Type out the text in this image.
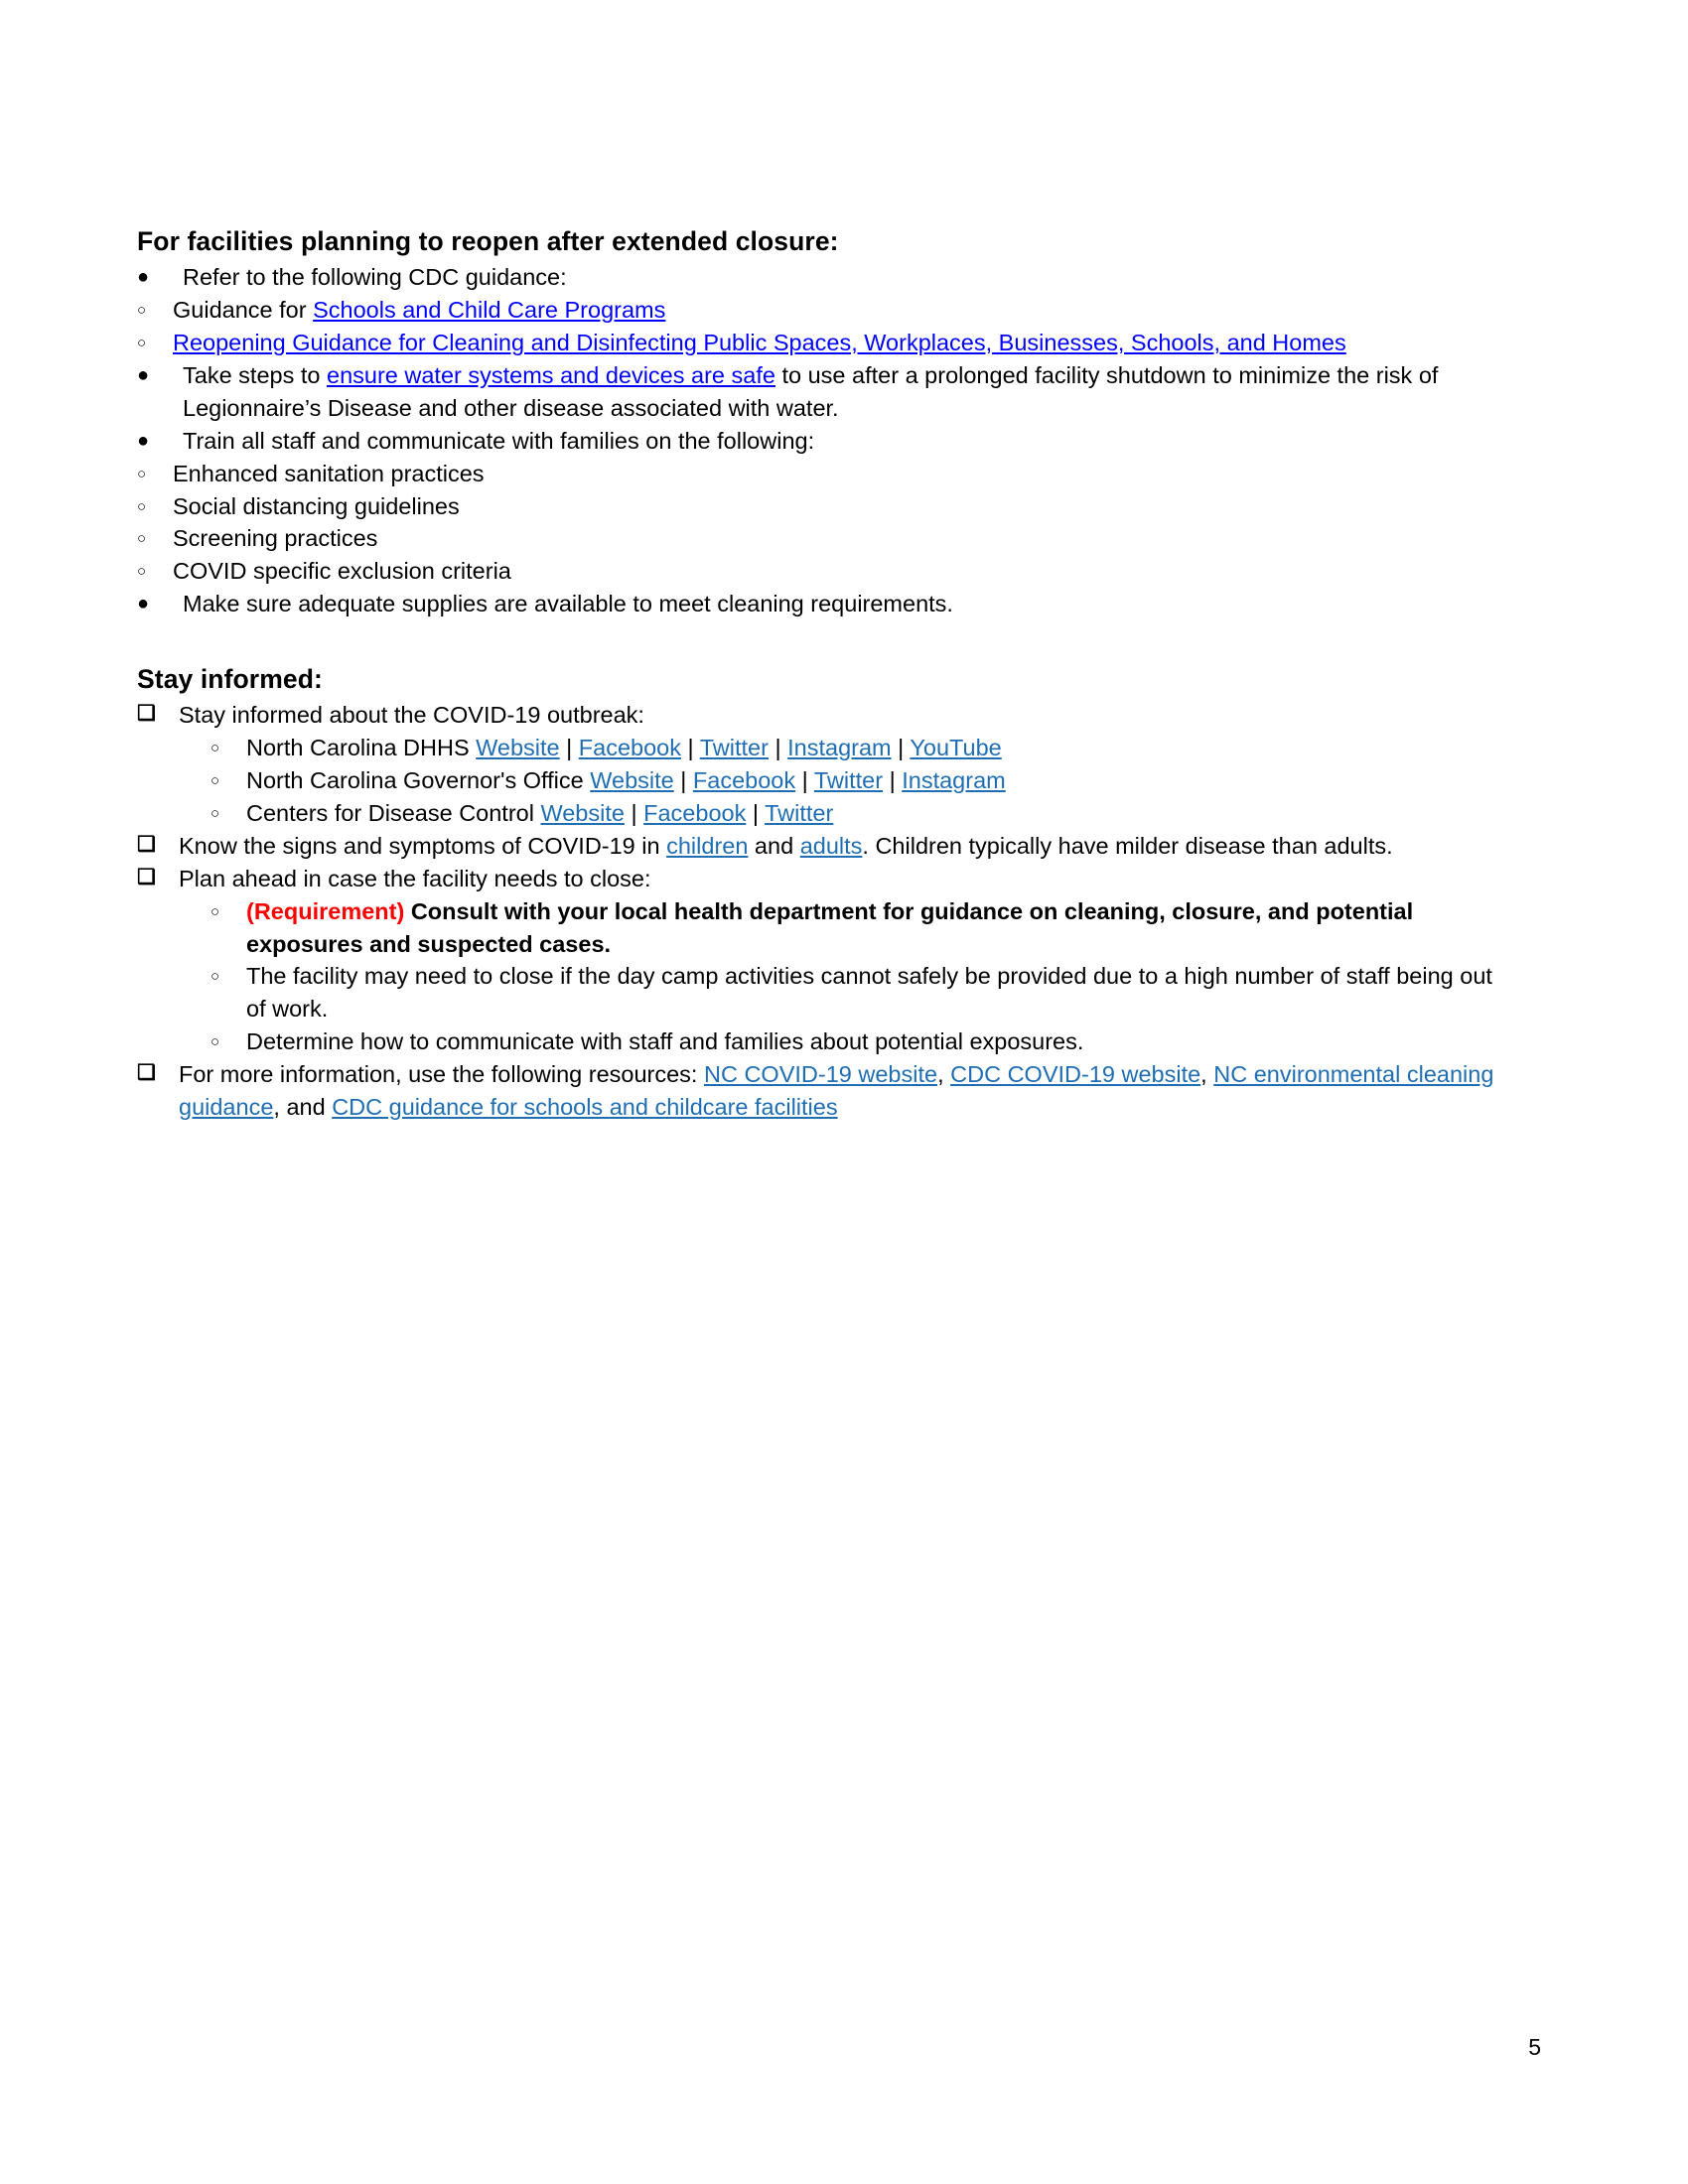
For facilities planning to reopen after extended closure:
●	Refer to the following CDC guidance:
○	Guidance for Schools and Child Care Programs
○	Reopening Guidance for Cleaning and Disinfecting Public Spaces, Workplaces, Businesses, Schools, and Homes
●	Take steps to ensure water systems and devices are safe to use after a prolonged facility shutdown to minimize the risk of Legionnaire’s Disease and other disease associated with water.
●	Train all staff and communicate with families on the following:
○	Enhanced sanitation practices
○	Social distancing guidelines
○	Screening practices
○	COVID specific exclusion criteria
●	Make sure adequate supplies are available to meet cleaning requirements.
Stay informed:
❑ Stay informed about the COVID-19 outbreak:
○	North Carolina DHHS Website | Facebook | Twitter | Instagram | YouTube
○	North Carolina Governor's Office Website | Facebook | Twitter | Instagram
○	Centers for Disease Control Website | Facebook | Twitter
❑ Know the signs and symptoms of COVID-19 in children and adults. Children typically have milder disease than adults.
❑ Plan ahead in case the facility needs to close:
○	(Requirement) Consult with your local health department for guidance on cleaning, closure, and potential exposures and suspected cases.
○	The facility may need to close if the day camp activities cannot safely be provided due to a high number of staff being out of work.
○	Determine how to communicate with staff and families about potential exposures.
❑ For more information, use the following resources: NC COVID-19 website, CDC COVID-19 website, NC environmental cleaning guidance, and CDC guidance for schools and childcare facilities
5
